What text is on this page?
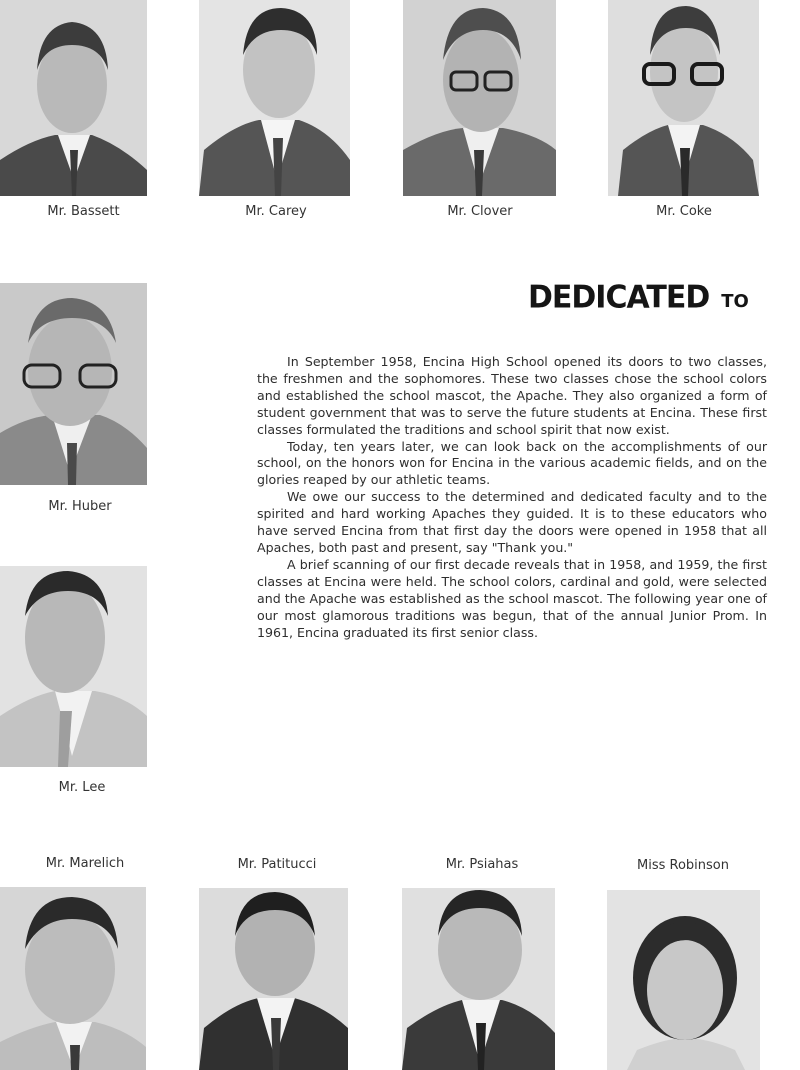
Mr. Bassett	Mr. Carey	Mr. Clover	Mr. Coke
Mr. Huber
Mr. Lee
DEDICATED TO

In September 1958, Encina High School opened its doors to two classes, the freshmen and the sophomores. These two classes chose the school colors and established the school mascot, the Apache. They also organized a form of student government that was to serve the future students at Encina. These first classes formulated the traditions and school spirit that now exist.

Today, ten years later, we can look back on the accomplishments of our school, on the honors won for Encina in the various academic fields, and on the glories reaped by our athletic teams.

We owe our success to the determined and dedicated faculty and to the spirited and hard working Apaches they guided. It is to these educators who have served Encina from that first day the doors were opened in 1958 that all Apaches, both past and present, say "Thank you."

A brief scanning of our first decade reveals that in 1958, and 1959, the first classes at Encina were held. The school colors, cardinal and gold, were selected and the Apache was established as the school mascot. The following year one of our most glamorous traditions was begun, that of the annual Junior Prom. In 1961, Encina graduated its first senior class.

Mr. Marelich	Mr. Patitucci	Mr. Psiahas	Miss Robinson
